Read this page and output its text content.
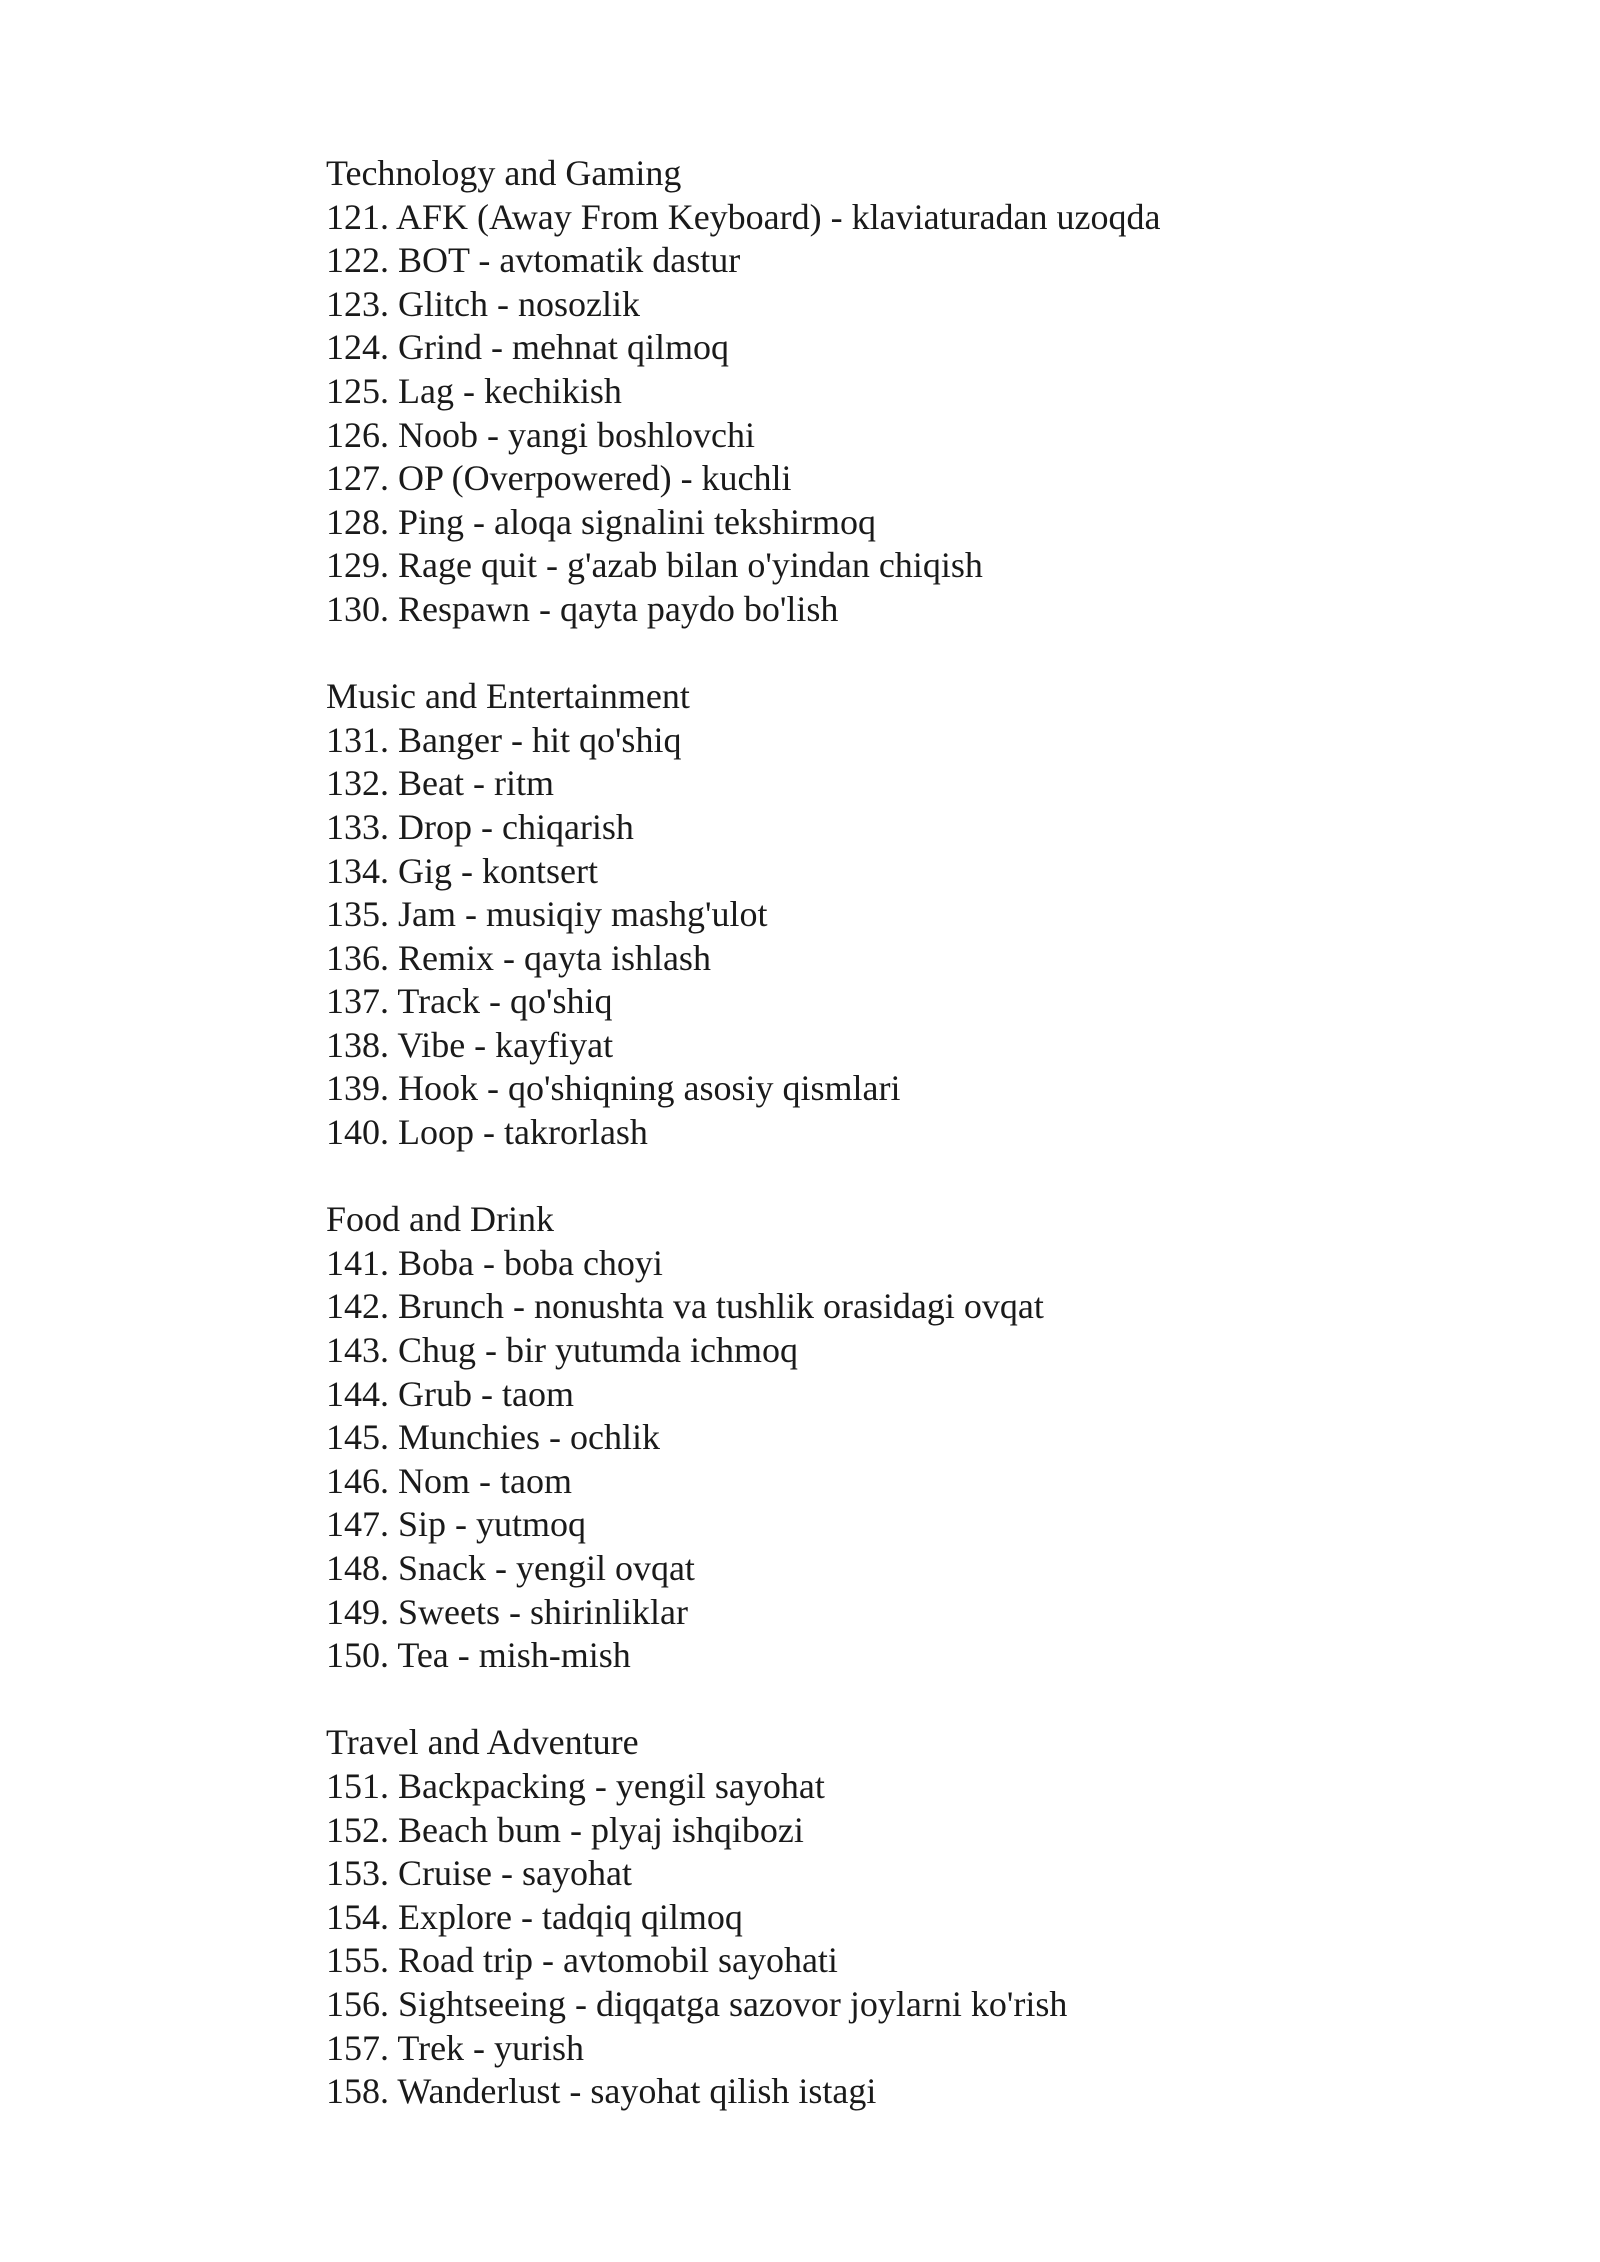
Technology and Gaming
121. AFK (Away From Keyboard) - klaviaturadan uzoqda
122. BOT - avtomatik dastur
123. Glitch - nosozlik
124. Grind - mehnat qilmoq
125. Lag - kechikish
126. Noob - yangi boshlovchi
127. OP (Overpowered) - kuchli
128. Ping - aloqa signalini tekshirmoq
129. Rage quit - g'azab bilan o'yindan chiqish
130. Respawn - qayta paydo bo'lish
Music and Entertainment
131. Banger - hit qo'shiq
132. Beat - ritm
133. Drop - chiqarish
134. Gig - kontsert
135. Jam - musiqiy mashg'ulot
136. Remix - qayta ishlash
137. Track - qo'shiq
138. Vibe - kayfiyat
139. Hook - qo'shiqning asosiy qismlari
140. Loop - takrorlash
Food and Drink
141. Boba - boba choyi
142. Brunch - nonushta va tushlik orasidagi ovqat
143. Chug - bir yutumda ichmoq
144. Grub - taom
145. Munchies - ochlik
146. Nom - taom
147. Sip - yutmoq
148. Snack - yengil ovqat
149. Sweets - shirinliklar
150. Tea - mish-mish
Travel and Adventure
151. Backpacking - yengil sayohat
152. Beach bum - plyaj ishqibozi
153. Cruise - sayohat
154. Explore - tadqiq qilmoq
155. Road trip - avtomobil sayohati
156. Sightseeing - diqqatga sazovor joylarni ko'rish
157. Trek - yurish
158. Wanderlust - sayohat qilish istagi
